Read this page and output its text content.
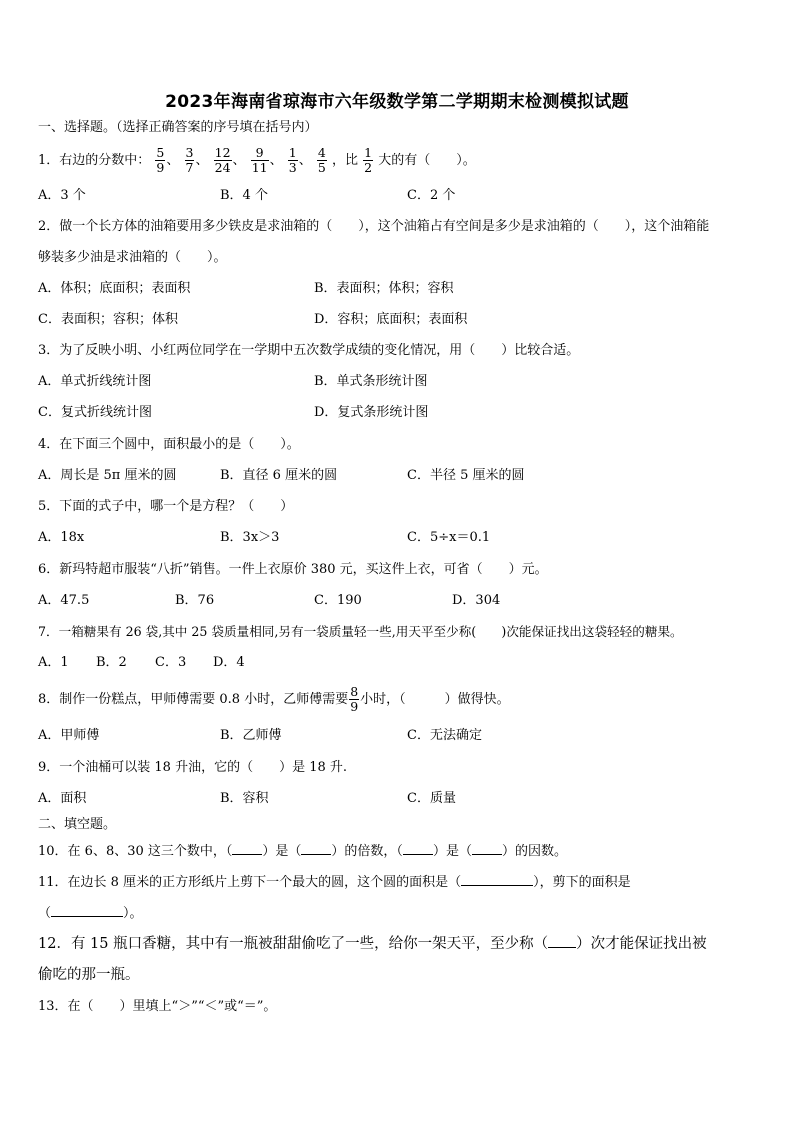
2023年海南省琼海市六年级数学第二学期期末检测模拟试题
一、选择题。（选择正确答案的序号填在括号内）
1．右边的分数中： $\frac{5}{9}$ 、 $\frac{3}{7}$ 、 $\frac{12}{24}$ 、 $\frac{9}{11}$ 、 $\frac{1}{3}$ 、 $\frac{4}{5}$ ，比 $\frac{1}{2}$ 大的有（　　）。
A．3 个	B．4 个	C．2 个
2．做一个长方体的油箱要用多少铁皮是求油箱的（　　），这个油箱占有空间是多少是求油箱的（　　），这个油箱能
够装多少油是求油箱的（　　）。
A．体积；底面积；表面积	B．表面积；体积；容积
C．表面积；容积；体积	D．容积；底面积；表面积
3．为了反映小明、小红两位同学在一学期中五次数学成绩的变化情况，用（　　）比较合适。
A．单式折线统计图	B．单式条形统计图
C．复式折线统计图	D．复式条形统计图
4．在下面三个圆中，面积最小的是（　　）。
A．周长是 5π 厘米的圆	B．直径 6 厘米的圆	C．半径 5 厘米的圆
5．下面的式子中，哪一个是方程？（　　）
A．18x	B．3x＞3	C．5÷x＝0.1
6．新玛特超市服装“八折”销售。一件上衣原价 380 元，买这件上衣，可省（　　）元。
A．47.5	B．76	C．190	D．304
7．一箱糖果有 26 袋,其中 25 袋质量相同,另有一袋质量轻一些,用天平至少称(　　)次能保证找出这袋轻轻的糖果。
A．1 B．2 C．3 D．4
8．制作一份糕点，甲师傅需要 0.8 小时，乙师傅需要 $\frac{8}{9}$ 小时，（　　　）做得快。
A．甲师傅	B．乙师傅	C．无法确定
9．一个油桶可以装 18 升油，它的（　　）是 18 升.
A．面积	B．容积	C．质量
二、填空题。
10．在 6、8、30 这三个数中，（ ）是（ ）的倍数，（ ）是（ ）的因数。
11．在边长 8 厘米的正方形纸片上剪下一个最大的圆，这个圆的面积是（	），剪下的面积是
（	）。
12．有 15 瓶口香糖，其中有一瓶被甜甜偷吃了一些，给你一架天平，至少称（ ）次才能保证找出被
偷吃的那一瓶。
13．在（　　）里填上“＞”“＜”或“＝”。
